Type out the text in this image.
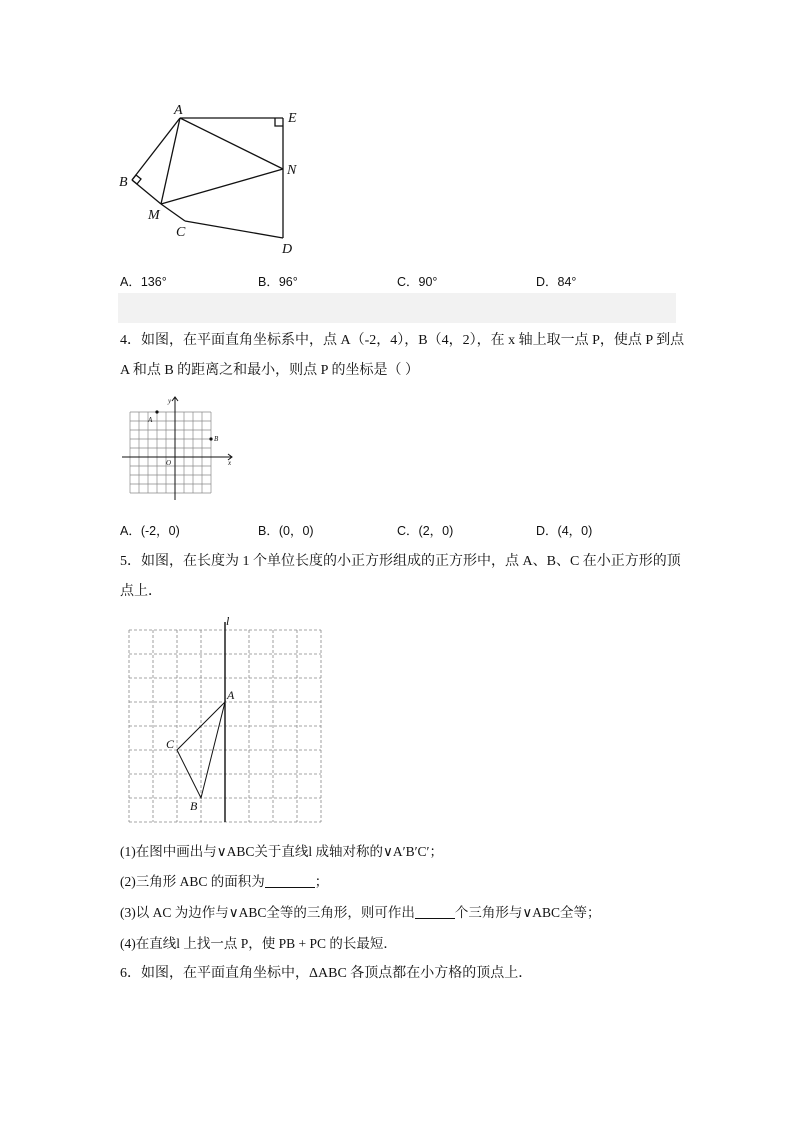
A
E
B
N
M
C
D
A．136°	B．96°	C．90°	D．84°
4．如图，在平面直角坐标系中，点 A（-2，4），B（4，2），在 x 轴上取一点 P，使点 P 到点
A 和点 B 的距离之和最小，则点 P 的坐标是（ ）
y
x
O
A
B
A．(-2，0)	B．(0，0)	C．(2，0)	D．(4，0)
5．如图，在长度为 1 个单位长度的小正方形组成的正方形中，点 A、B、C 在小正方形的顶
点上．
l
A
C
B
(1)在图中画出与∨ABC关于直线l 成轴对称的∨A′B′C′；
(2)三角形 ABC 的面积为	；
(3)以 AC 为边作与∨ABC全等的三角形，则可作出	个三角形与∨ABC全等；
(4)在直线l 上找一点 P，使 PB + PC 的长最短．
6．如图，在平面直角坐标中，ΔABC 各顶点都在小方格的顶点上．
